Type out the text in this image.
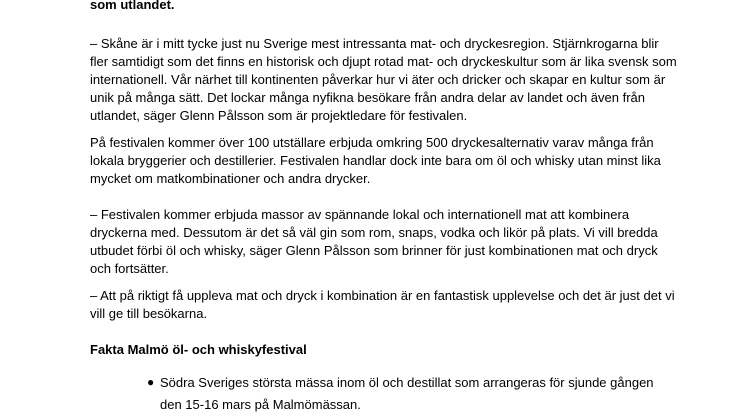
som utlandet.
– Skåne är i mitt tycke just nu Sverige mest intressanta mat- och dryckesregion. Stjärnkrogarna blir
fler samtidigt som det finns en historisk och djupt rotad mat- och dryckeskultur som är lika svensk som
internationell. Vår närhet till kontinenten påverkar hur vi äter och dricker och skapar en kultur som är
unik på många sätt. Det lockar många nyfikna besökare från andra delar av landet och även från
utlandet, säger Glenn Pålsson som är projektledare för festivalen.
På festivalen kommer över 100 utställare erbjuda omkring 500 dryckesalternativ varav många från
lokala bryggerier och destillerier. Festivalen handlar dock inte bara om öl och whisky utan minst lika
mycket om matkombinationer och andra drycker.
– Festivalen kommer erbjuda massor av spännande lokal och internationell mat att kombinera
dryckerna med. Dessutom är det så väl gin som rom, snaps, vodka och likör på plats. Vi vill bredda
utbudet förbi öl och whisky, säger Glenn Pålsson som brinner för just kombinationen mat och dryck
och fortsätter.
– Att på riktigt få uppleva mat och dryck i kombination är en fantastisk upplevelse och det är just det vi
vill ge till besökarna.
Fakta Malmö öl- och whiskyfestival
● Södra Sveriges största mässa inom öl och destillat som arrangeras för sjunde gången
den 15-16 mars på Malmömässan.
